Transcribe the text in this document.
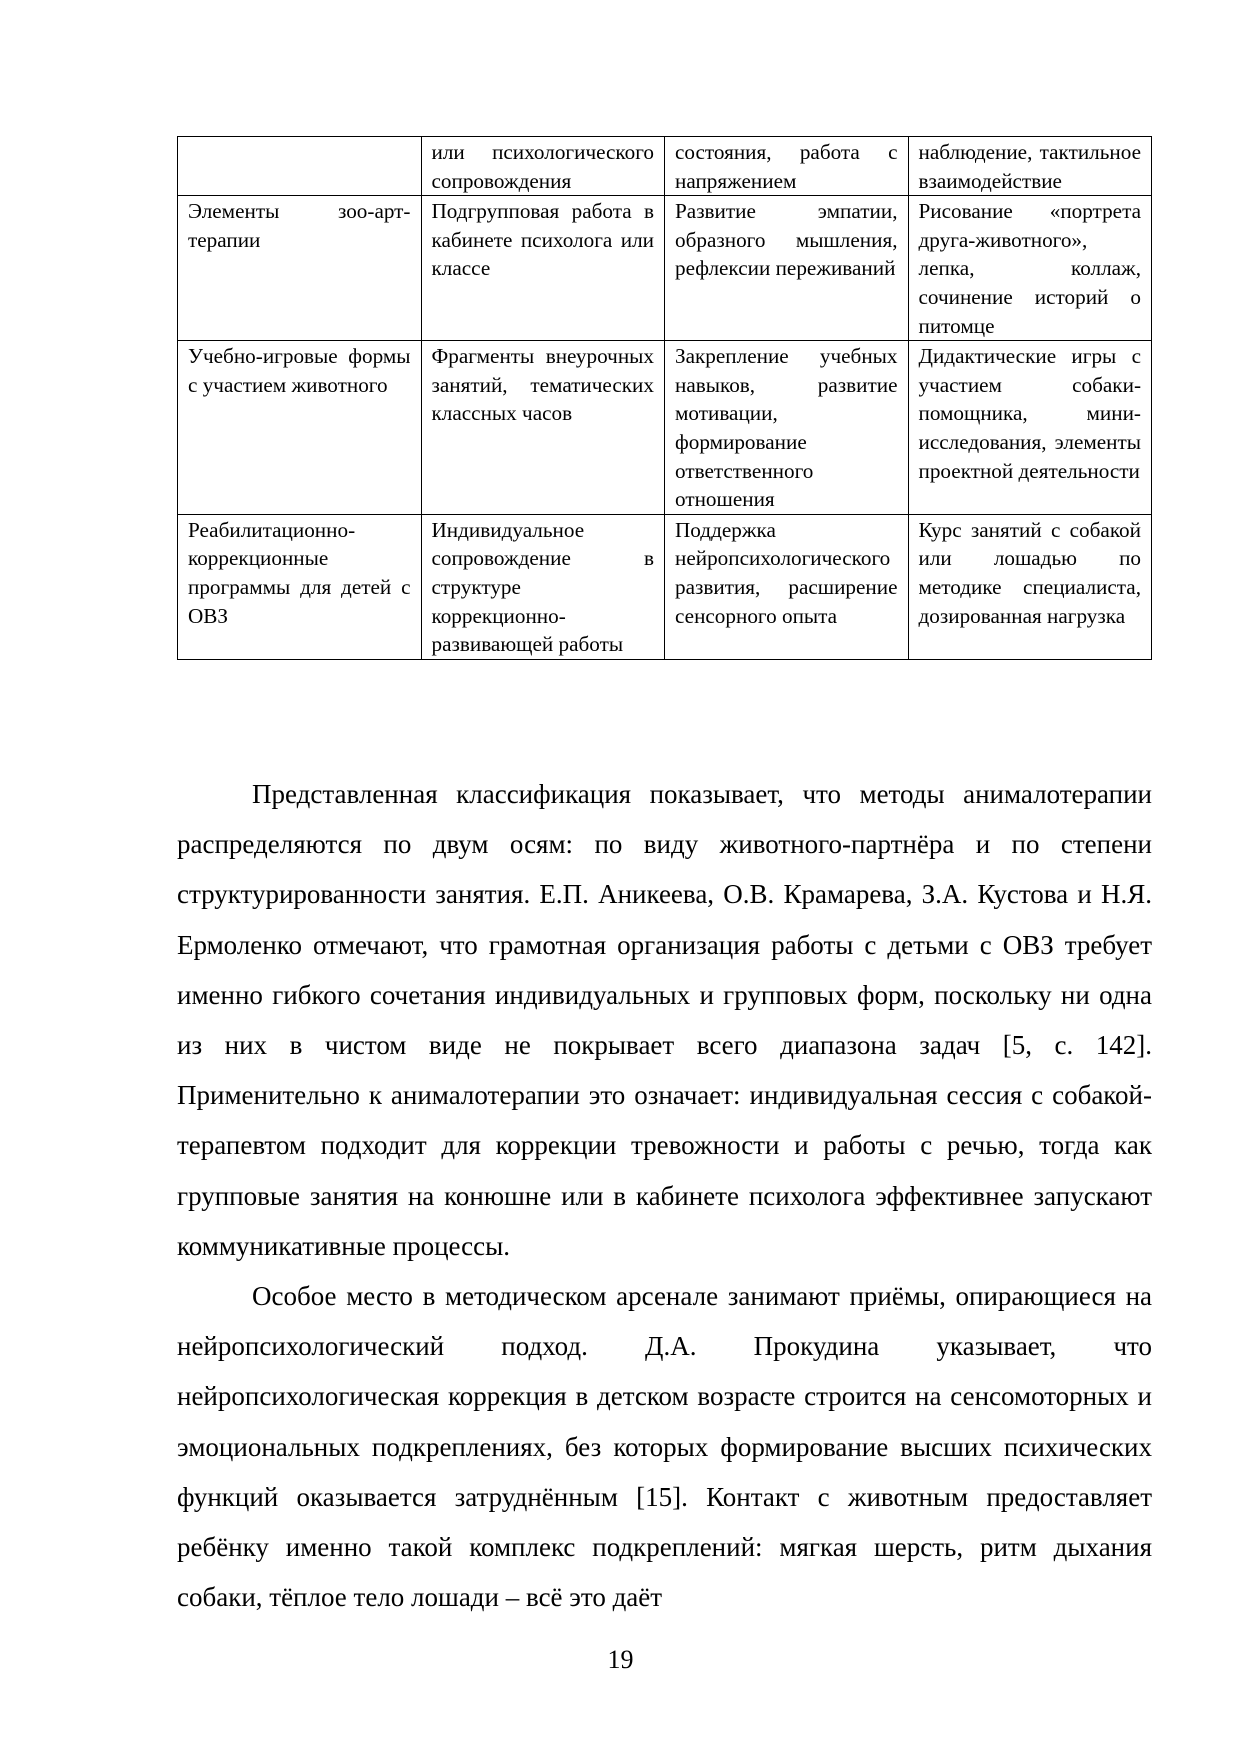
	или психологического сопровождения	состояния, работа с напряжением	наблюдение, тактильное взаимодействие

Элементы зоо-арт-терапии	Подгрупповая работа в кабинете психолога или классе	Развитие эмпатии, образного мышления, рефлексии переживаний	Рисование «портрета друга-животного», лепка, коллаж, сочинение историй о питомце

Учебно-игровые формы с участием животного	Фрагменты внеурочных занятий, тематических классных часов	Закрепление учебных навыков, развитие мотивации, формирование ответственного отношения	Дидактические игры с участием собаки-помощника, мини-исследования, элементы проектной деятельности

Реабилитационно-коррекционные программы для детей с ОВЗ	Индивидуальное сопровождение в структуре коррекционно-развивающей работы	Поддержка нейропсихологического развития, расширение сенсорного опыта	Курс занятий с собакой или лошадью по методике специалиста, дозированная нагрузка

Представленная классификация показывает, что методы анималотерапии распределяются по двум осям: по виду животного-партнёра и по степени структурированности занятия. Е.П. Аникеева, О.В. Крамарева, З.А. Кустова и Н.Я. Ермоленко отмечают, что грамотная организация работы с детьми с ОВЗ требует именно гибкого сочетания индивидуальных и групповых форм, поскольку ни одна из них в чистом виде не покрывает всего диапазона задач [5, с. 142]. Применительно к анималотерапии это означает: индивидуальная сессия с собакой-терапевтом подходит для коррекции тревожности и работы с речью, тогда как групповые занятия на конюшне или в кабинете психолога эффективнее запускают коммуникативные процессы.

Особое место в методическом арсенале занимают приёмы, опирающиеся на нейропсихологический подход. Д.А. Прокудина указывает, что нейропсихологическая коррекция в детском возрасте строится на сенсомоторных и эмоциональных подкреплениях, без которых формирование высших психических функций оказывается затруднённым [15]. Контакт с животным предоставляет ребёнку именно такой комплекс подкреплений: мягкая шерсть, ритм дыхания собаки, тёплое тело лошади – всё это даёт

19
